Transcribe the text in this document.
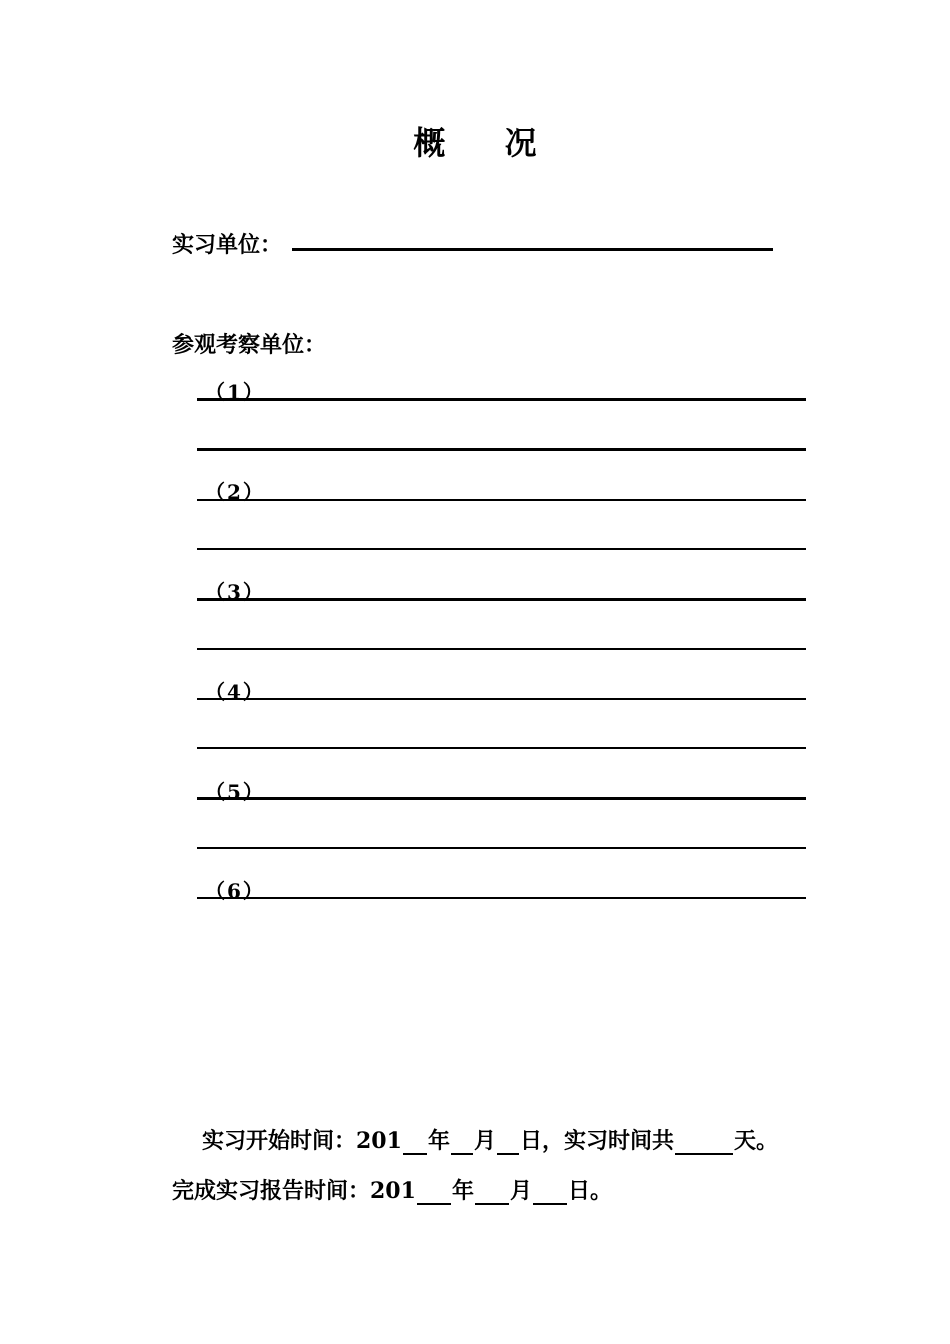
概 况
实习单位：
参观考察单位：
（1）
（2）
（3）
（4）
（5）
（6）
实习开始时间：201 年 月 日，实习时间共	天。
完成实习报告时间：201 年 月 日。
